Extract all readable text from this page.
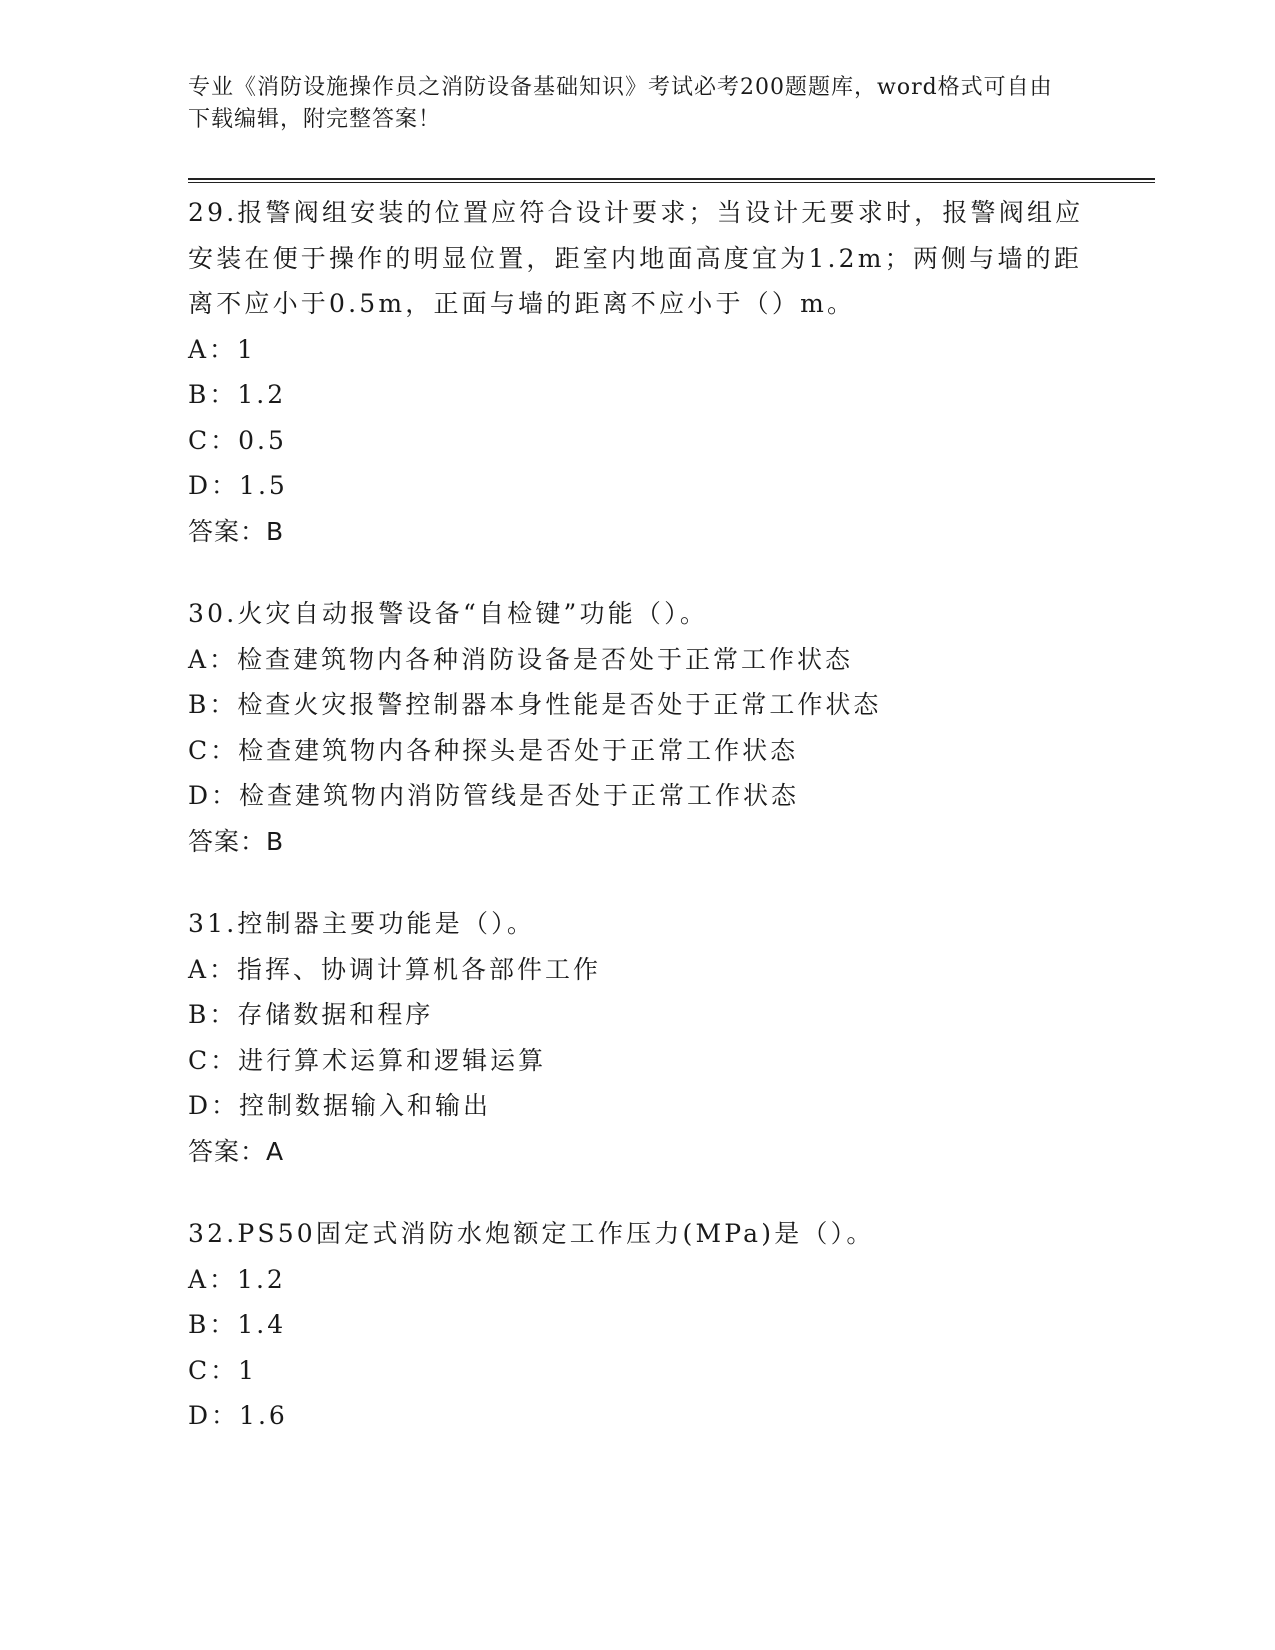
专业《消防设施操作员之消防设备基础知识》考试必考200题题库，word格式可自由下载编辑，附完整答案！

29.报警阀组安装的位置应符合设计要求；当设计无要求时，报警阀组应安装在便于操作的明显位置，距室内地面高度宜为1.2m；两侧与墙的距离不应小于0.5m，正面与墙的距离不应小于（）m。

A：1

B：1.2

C：0.5

D：1.5

答案：B

30.火灾自动报警设备“自检键”功能（）。

A：检查建筑物内各种消防设备是否处于正常工作状态

B：检查火灾报警控制器本身性能是否处于正常工作状态

C：检查建筑物内各种探头是否处于正常工作状态

D：检查建筑物内消防管线是否处于正常工作状态

答案：B

31.控制器主要功能是（）。

A：指挥、协调计算机各部件工作

B：存储数据和程序

C：进行算术运算和逻辑运算

D：控制数据输入和输出

答案：A

32.PS50固定式消防水炮额定工作压力(MPa)是（）。

A：1.2

B：1.4

C：1

D：1.6
